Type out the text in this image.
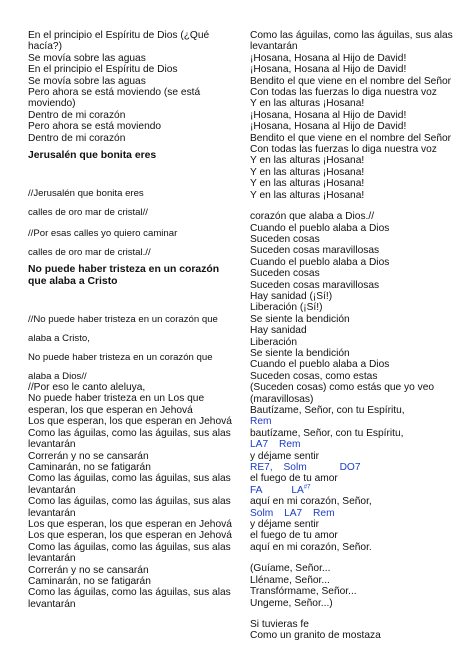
En el principio el Espíritu de Dios (¿Qué hacía?)
Se movía sobre las aguas
En el principio el Espíritu de Dios
Se movía sobre las aguas
Pero ahora se está moviendo (se está moviendo)
Dentro de mi corazón
Pero ahora se está moviendo
Dentro de mi corazón
Jerusalén que bonita eres
//Jerusalén que bonita eres
calles de oro mar de cristal//
//Por esas calles yo quiero caminar
calles de oro mar de cristal.//
No puede haber tristeza en un corazón que alaba a Cristo
//No puede haber tristeza en un corazón que
alaba a Cristo,
No puede haber tristeza en un corazón que
alaba a Dios//
//Por eso le canto aleluya,
No puede haber tristeza en un Los que esperan, los que esperan en Jehová
Los que esperan, los que esperan en Jehová
Como las águilas, como las águilas, sus alas levantarán
Correrán y no se cansarán
Caminarán, no se fatigarán
Como las águilas, como las águilas, sus alas levantarán
Como las águilas, como las águilas, sus alas levantarán
Los que esperan, los que esperan en Jehová
Los que esperan, los que esperan en Jehová
Como las águilas, como las águilas, sus alas levantarán
Correrán y no se cansarán
Caminarán, no se fatigarán
Como las águilas, como las águilas, sus alas levantarán
Como las águilas, como las águilas, sus alas levantarán
¡Hosana, Hosana al Hijo de David!
¡Hosana, Hosana al Hijo de David!
Bendito el que viene en el nombre del Señor
Con todas las fuerzas lo diga nuestra voz
Y en las alturas ¡Hosana!
¡Hosana, Hosana al Hijo de David!
¡Hosana, Hosana al Hijo de David!
Bendito el que viene en el nombre del Señor
Con todas las fuerzas lo diga nuestra voz
Y en las alturas ¡Hosana!
Y en las alturas ¡Hosana!
Y en las alturas ¡Hosana!
Y en las alturas ¡Hosana!
corazón que alaba a Dios.//
Cuando el pueblo alaba a Dios
Suceden cosas
Suceden cosas maravillosas
Cuando el pueblo alaba a Dios
Suceden cosas
Suceden cosas maravillosas
Hay sanidad (¡Sí!)
Liberación (¡Sí!)
Se siente la bendición
Hay sanidad
Liberación
Se siente la bendición
Cuando el pueblo alaba a Dios
Suceden cosas, como estas
(Suceden cosas) como estás que yo veo (maravillosas)
Bautízame, Señor, con tu Espíritu,
Rem
bautízame, Señor, con tu Espíritu,
LA7 Rem
y déjame sentir
RE7, Solm	DO7
el fuego de tu amor
FA	LA$^{\#7}$
aquí en mi corazón, Señor,
Solm LA7 Rem
y déjame sentir
el fuego de tu amor
aquí en mi corazón, Señor.
(Guíame, Señor...
Lléname, Señor...
Transfórmame, Señor...
Ungeme, Señor...)
Si tuvieras fe
Como un granito de mostaza
